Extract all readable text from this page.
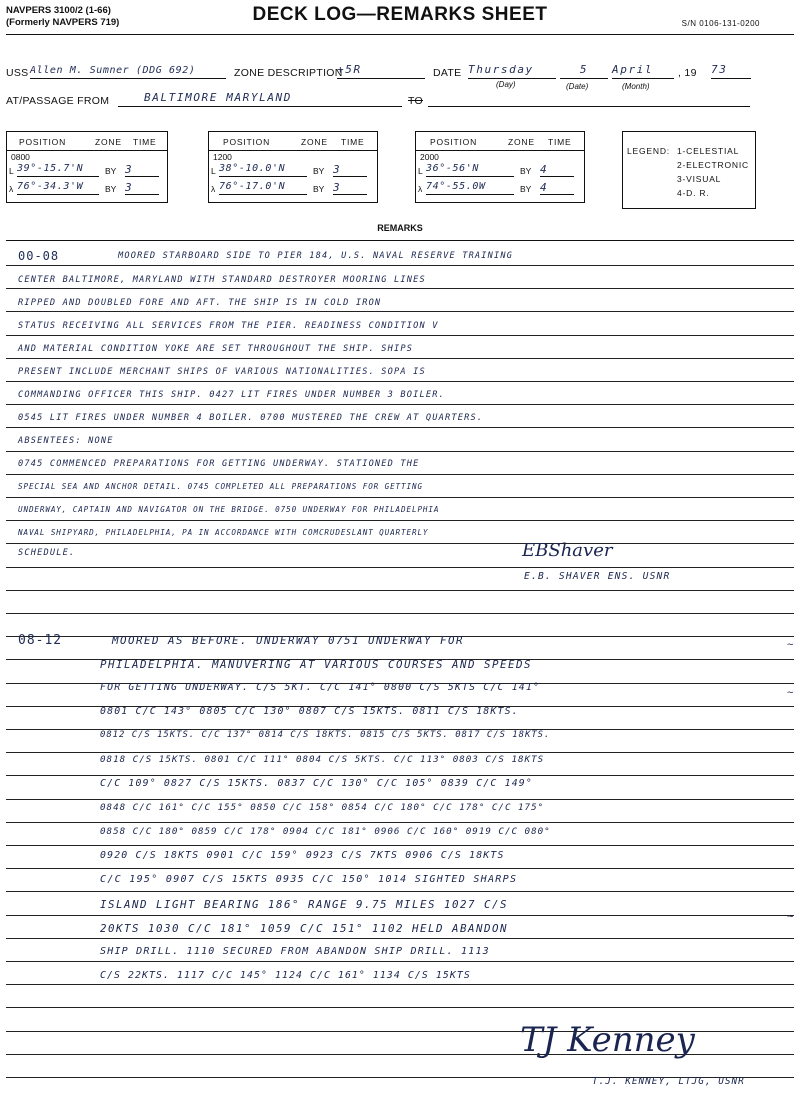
NAVPERS 3100/2 (1-66)
(Formerly NAVPERS 719)	DECK LOG—REMARKS SHEET	S/N 0106-131-0200
USS Allen M. Sumner (DDG 692)	ZONE DESCRIPTION
+5R	DATE Thursday	5	April	, 19 73
(Day)	(Date)	(Month)
AT/PASSAGE FROM	BALTIMORE MARYLAND	TO
POSITION	ZONE TIME
0800
L 39°-15.7'N	BY 3
λ 76°-34.3'W	BY 3
POSITION	ZONE TIME
1200
L 38°-10.0'N	BY 3
λ 76°-17.0'N	BY 3
POSITION	ZONE TIME
2000
L 36°-56'N	BY 4
λ 74°-55.0W	BY 4
LEGEND: 1-CELESTIAL
2-ELECTRONIC
3-VISUAL
4-D. R.
REMARKS
00-08	MOORED STARBOARD SIDE TO PIER 184, U.S. NAVAL RESERVE TRAINING
CENTER BALTIMORE, MARYLAND WITH STANDARD DESTROYER MOORING LINES
RIPPED AND DOUBLED FORE AND AFT. THE SHIP IS IN COLD IRON
STATUS RECEIVING ALL SERVICES FROM THE PIER. READINESS CONDITION V
AND MATERIAL CONDITION YOKE ARE SET THROUGHOUT THE SHIP. SHIPS
PRESENT INCLUDE MERCHANT SHIPS OF VARIOUS NATIONALITIES. SOPA IS
COMMANDING OFFICER THIS SHIP. 0427 LIT FIRES UNDER NUMBER 3 BOILER.
0545 LIT FIRES UNDER NUMBER 4 BOILER. 0700 MUSTERED THE CREW AT QUARTERS.
ABSENTEES: NONE
0745 COMMENCED PREPARATIONS FOR GETTING UNDERWAY. STATIONED THE
SPECIAL SEA AND ANCHOR DETAIL. 0745 COMPLETED ALL PREPARATIONS FOR GETTING
UNDERWAY, CAPTAIN AND NAVIGATOR ON THE BRIDGE. 0750 UNDERWAY FOR PHILADELPHIA
NAVAL SHIPYARD, PHILADELPHIA, PA IN ACCORDANCE WITH COMCRUDESLANT QUARTERLY
SCHEDULE.	EBShaver
E.B. SHAVER ENS. USNR
08-12	MOORED AS BEFORE. UNDERWAY 0751 UNDERWAY FOR
PHILADELPHIA. MANUVERING AT VARIOUS COURSES AND SPEEDS
FOR GETTING UNDERWAY. C/S 5KT. C/C 141° 0800 C/S 5KTS C/C 141°
0801 C/C 143° 0805 C/C 130° 0807 C/S 15KTS. 0811 C/S 18KTS.
0812 C/S 15KTS. C/C 137° 0814 C/S 18KTS. 0815 C/S 5KTS. 0817 C/S 18KTS.
0818 C/S 15KTS. 0801 C/C 111° 0804 C/S 5KTS. C/C 113° 0803 C/S 18KTS
C/C 109° 0827 C/S 15KTS. 0837 C/C 130° C/C 105° 0839 C/C 149°
0848 C/C 161° C/C 155° 0850 C/C 158° 0854 C/C 180° C/C 178° C/C 175°
0858 C/C 180° 0859 C/C 178° 0904 C/C 181° 0906 C/C 160° 0919 C/C 080°
0920 C/S 18KTS 0901 C/C 159° 0923 C/S 7KTS 0906 C/S 18KTS
C/C 195° 0907 C/S 15KTS 0935 C/C 150° 1014 SIGHTED SHARPS
ISLAND LIGHT BEARING 186° RANGE 9.75 MILES 1027 C/S
20KTS 1030 C/C 181° 1059 C/C 151° 1102 HELD ABANDON
SHIP DRILL. 1110 SECURED FROM ABANDON SHIP DRILL. 1113
C/S 22KTS. 1117 C/C 145° 1124 C/C 161° 1134 C/S 15KTS
~
~
~
TJ Kenney
T.J. KENNEY, LTJG, USNR
